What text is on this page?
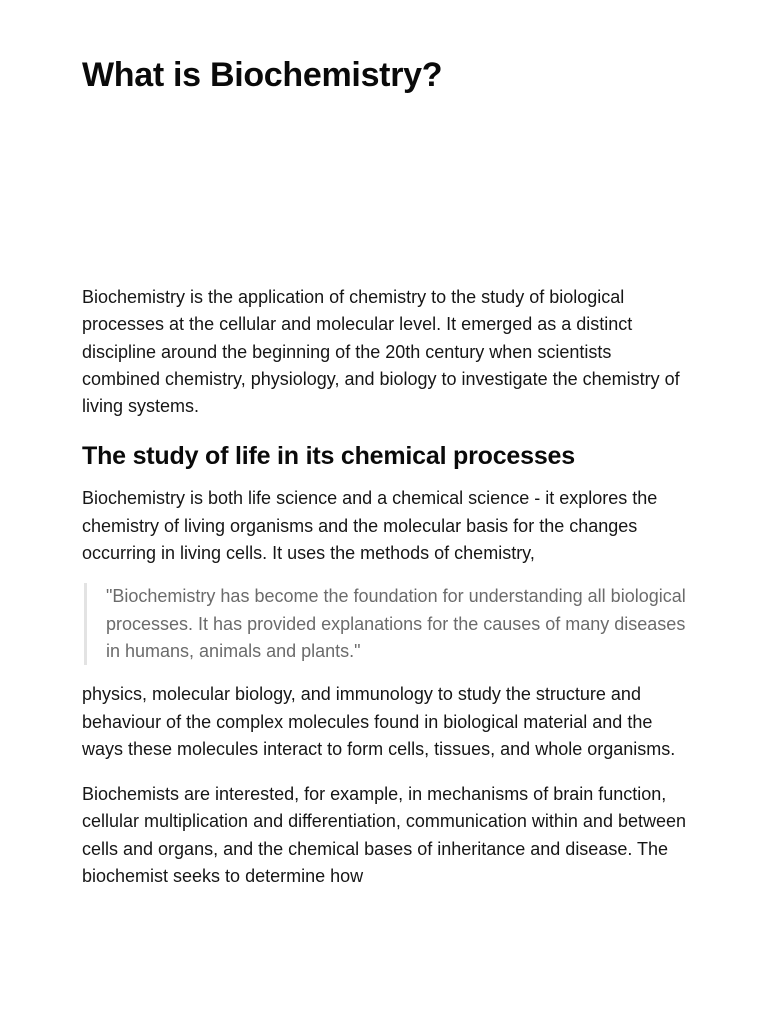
What is Biochemistry?

Biochemistry is the application of chemistry to the study of biological processes at the cellular and molecular level. It emerged as a distinct discipline around the beginning of the 20th century when scientists combined chemistry, physiology, and biology to investigate the chemistry of living systems.

The study of life in its chemical processes

Biochemistry is both life science and a chemical science - it explores the chemistry of living organisms and the molecular basis for the changes occurring in living cells. It uses the methods of chemistry,

"Biochemistry has become the foundation for understanding all biological processes. It has provided explanations for the causes of many diseases in humans, animals and plants."

physics, molecular biology, and immunology to study the structure and behaviour of the complex molecules found in biological material and the ways these molecules interact to form cells, tissues, and whole organisms.

Biochemists are interested, for example, in mechanisms of brain function, cellular multiplication and differentiation, communication within and between cells and organs, and the chemical bases of inheritance and disease. The biochemist seeks to determine how
